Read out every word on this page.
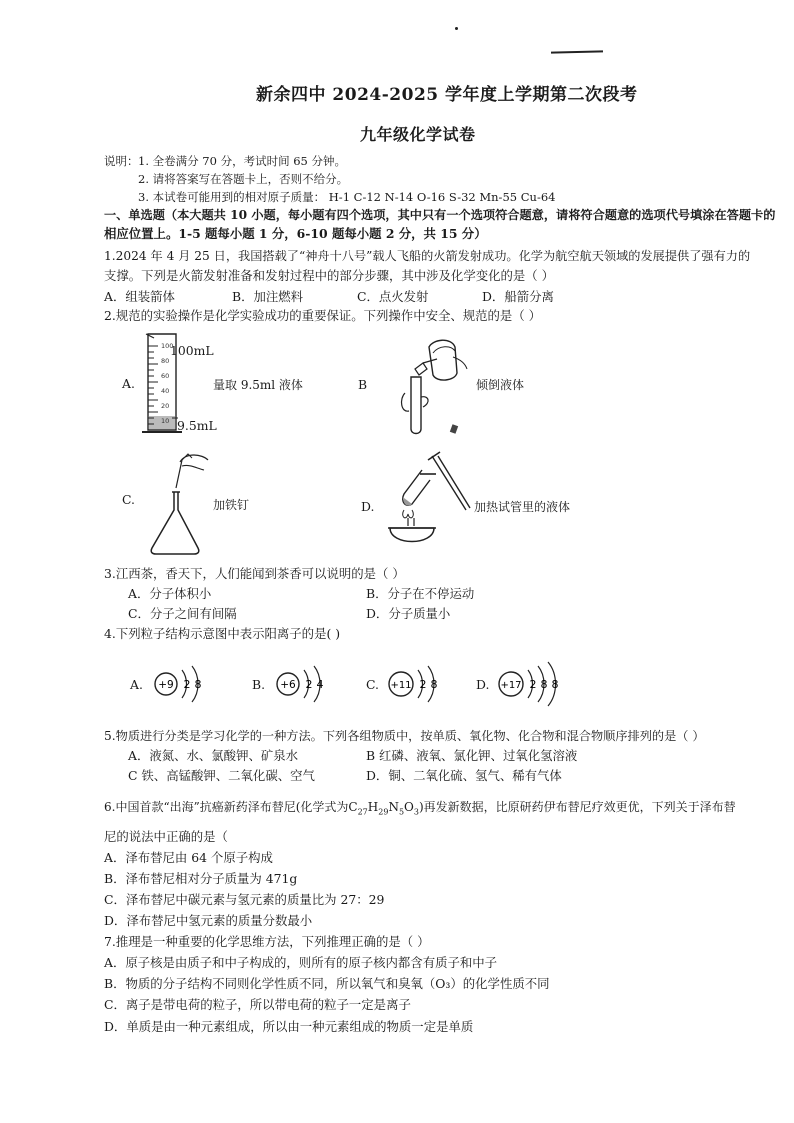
新余四中 2024-2025 学年度上学期第二次段考
九年级化学试卷
说明： 1. 全卷满分 70 分，考试时间 65 分钟。
2. 请将答案写在答题卡上，否则不给分。
3. 本试卷可能用到的相对原子质量： H-1 C-12 N-14 O-16 S-32 Mn-55 Cu-64
一、单选题（本大题共 10 小题，每小题有四个选项，其中只有一个选项符合题意，请将符合题意的选项代号填涂在答题卡的
相应位置上。1-5 题每小题 1 分，6-10 题每小题 2 分，共 15 分）
1.2024 年 4 月 25 日，我国搭载了“神舟十八号”载人飞船的火箭发射成功。化学为航空航天领域的发展提供了强有力的
支撑。下列是火箭发射准备和发射过程中的部分步骤，其中涉及化学变化的是（ ）
A．组装箭体	B．加注燃料	C．点火发射	D．船箭分离
2.规范的实验操作是化学实验成功的重要保证。下列操作中安全、规范的是（ ）
A.
100
80
60
40
20
10
100mL
9.5mL
量取 9.5ml 液体	B	倾倒液体
C.	加铁钉	D.	加热试管里的液体
3.江西茶，香天下，人们能闻到茶香可以说明的是（ ）
A．分子体积小	B．分子在不停运动
C．分子之间有间隔	D．分子质量小
4.下列粒子结构示意图中表示阳离子的是( )
A. +9 2 8	B. +6 2 4	C. +11 2 8	D. +17 2 8 8
5.物质进行分类是学习化学的一种方法。下列各组物质中，按单质、氧化物、化合物和混合物顺序排列的是（ ）
A．液氮、水、氯酸钾、矿泉水	B 红磷、液氧、氯化钾、过氧化氢溶液
C 铁、高锰酸钾、二氧化碳、空气	D．铜、二氧化硫、氢气、稀有气体
6.中国首款“出海”抗癌新药泽布替尼(化学式为$C_{27}H_{29}N_5O_3$)再发新数据，比原研药伊布替尼疗效更优，下列关于泽布替
尼的说法中正确的是（
A．泽布替尼由 64 个原子构成
B．泽布替尼相对分子质量为 471g
C．泽布替尼中碳元素与氢元素的质量比为 27：29
D．泽布替尼中氢元素的质量分数最小
7.推理是一种重要的化学思维方法，下列推理正确的是（ ）
A．原子核是由质子和中子构成的，则所有的原子核内都含有质子和中子
B．物质的分子结构不同则化学性质不同，所以氧气和臭氧（O₃）的化学性质不同
C．离子是带电荷的粒子，所以带电荷的粒子一定是离子
D．单质是由一种元素组成，所以由一种元素组成的物质一定是单质
